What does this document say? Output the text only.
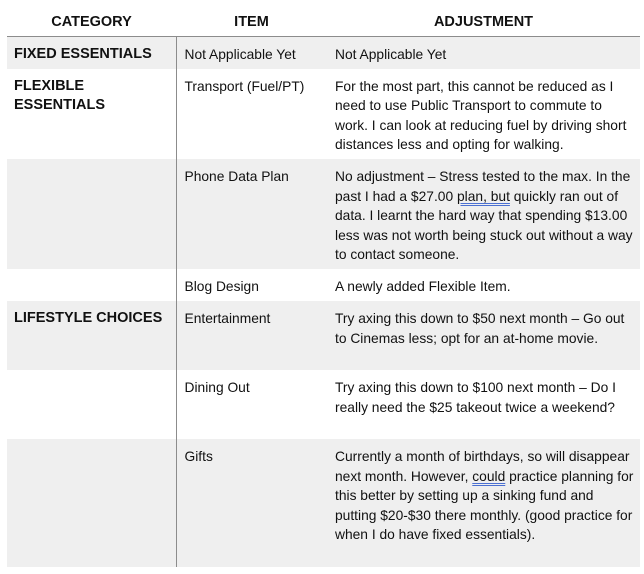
CATEGORY	ITEM	ADJUSTMENT
FIXED ESSENTIALS	Not Applicable Yet	Not Applicable Yet
FLEXIBLE ESSENTIALS	Transport (Fuel/PT)	For the most part, this cannot be reduced as I need to use Public Transport to commute to work. I can look at reducing fuel by driving short distances less and opting for walking.
	Phone Data Plan	No adjustment – Stress tested to the max. In the past I had a $27.00 plan, but quickly ran out of data. I learnt the hard way that spending $13.00 less was not worth being stuck out without a way to contact someone.
	Blog Design	A newly added Flexible Item.
LIFESTYLE CHOICES	Entertainment	Try axing this down to $50 next month – Go out to Cinemas less; opt for an at-home movie.
	Dining Out	Try axing this down to $100 next month – Do I really need the $25 takeout twice a weekend?
	Gifts	Currently a month of birthdays, so will disappear next month. However, could practice planning for this better by setting up a sinking fund and putting $20-$30 there monthly. (good practice for when I do have fixed essentials).
